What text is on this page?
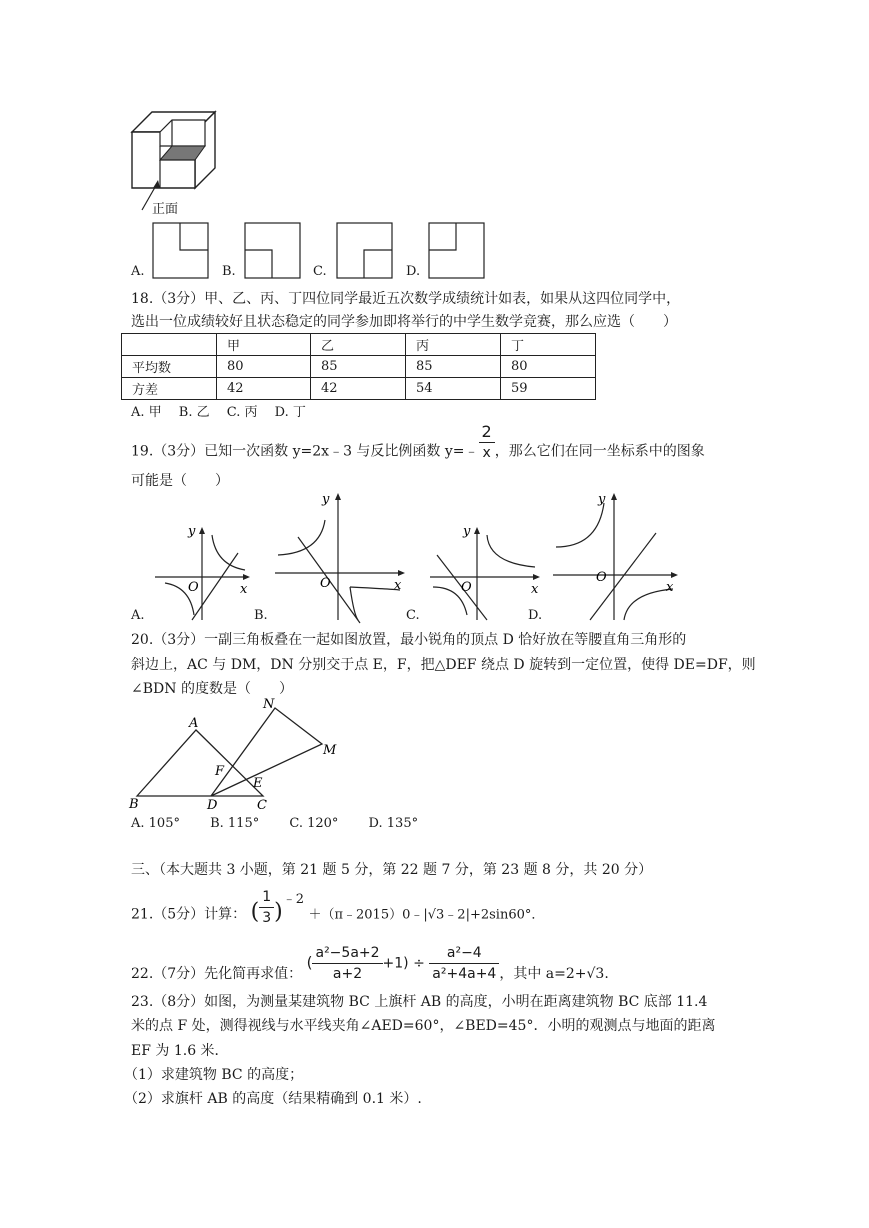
正面
A.	B.	C.	D.
18.（3分）甲、乙、丙、丁四位同学最近五次数学成绩统计如表，如果从这四位同学中，
选出一位成绩较好且状态稳定的同学参加即将举行的中学生数学竞赛，那么应选（　　）
	甲	乙	丙	丁
平均数	80	85	85	80
方差	42	42	54	59
A. 甲　 B. 乙　 C. 丙　 D. 丁
19.（3分）已知一次函数 y=2x﹣3 与反比例函数 y=﹣ $\frac{2}{x}$ ，那么它们在同一坐标系中的图象
可能是（　　）
A.
y
x
O
B.
y
x
O
C.
y
x
O
D.
y
x
O
20.（3分）一副三角板叠在一起如图放置，最小锐角的顶点 D 恰好放在等腰直角三角形的
斜边上，AC 与 DM，DN 分别交于点 E，F，把△DEF 绕点 D 旋转到一定位置，使得 DE=DF，则
∠BDN 的度数是（　　）
A
B	C
D
E
F
M
N
A. 105°　　 B. 115°　　 C. 120°　　 D. 135°
三、（本大题共 3 小题，第 21 题 5 分，第 22 题 7 分，第 23 题 8 分，共 20 分）
21.（5分）计算： ( $\frac{1}{3} )^{﹣2}$ ＋（π﹣2015）0﹣|√3﹣2|+2sin60°．
22.（7分）先化简再求值： ( $\frac{\text{a²−5a+2}}{a+2} +1) \div \frac{\text{a²−4}}{\text{a²+4a+4}}$ ，其中 a=2+√3.
23.（8分）如图，为测量某建筑物 BC 上旗杆 AB 的高度，小明在距离建筑物 BC 底部 11.4
米的点 F 处，测得视线与水平线夹角∠AED=60°，∠BED=45°．小明的观测点与地面的距离
EF 为 1.6 米．
（1）求建筑物 BC 的高度；
（2）求旗杆 AB 的高度（结果精确到 0.1 米）.
